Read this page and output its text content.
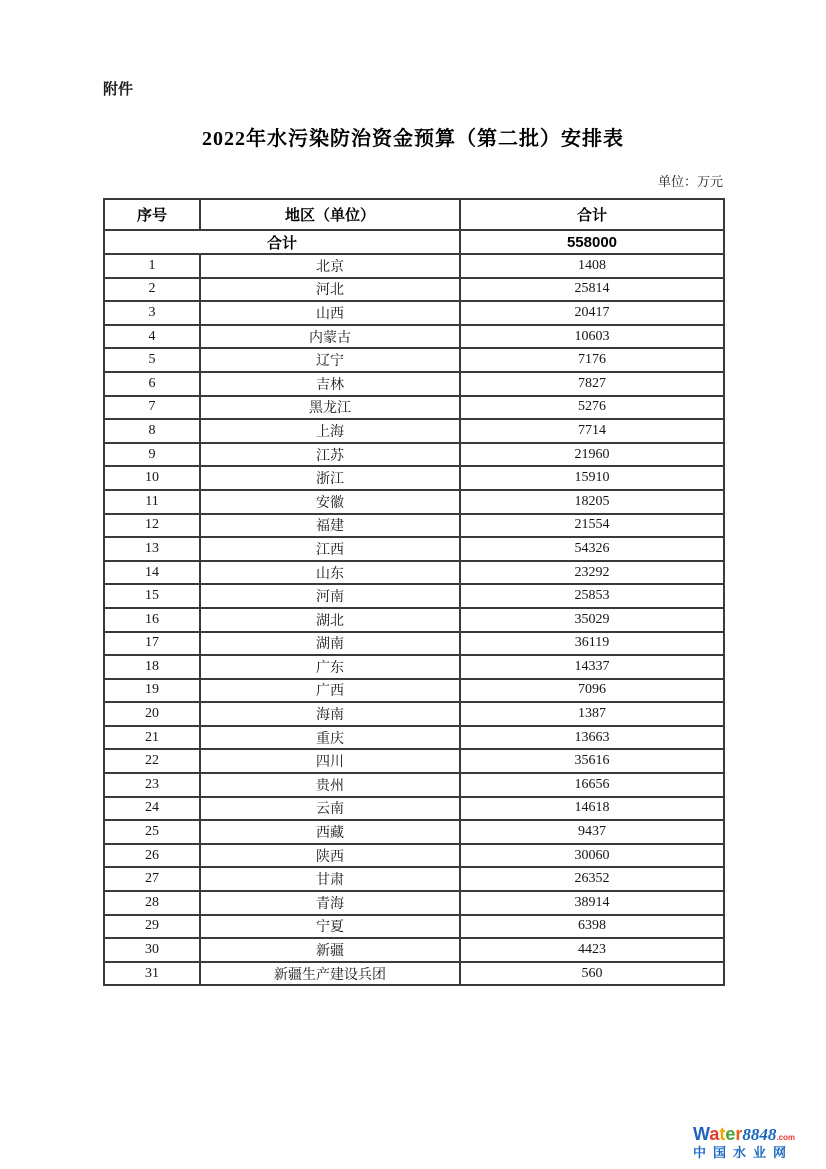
附件
2022年水污染防治资金预算（第二批）安排表
单位：万元
序号	地区（单位）	合计
合计		558000
1	北京	1408
2	河北	25814
3	山西	20417
4	内蒙古	10603
5	辽宁	7176
6	吉林	7827
7	黑龙江	5276
8	上海	7714
9	江苏	21960
10	浙江	15910
11	安徽	18205
12	福建	21554
13	江西	54326
14	山东	23292
15	河南	25853
16	湖北	35029
17	湖南	36119
18	广东	14337
19	广西	7096
20	海南	1387
21	重庆	13663
22	四川	35616
23	贵州	16656
24	云南	14618
25	西藏	9437
26	陕西	30060
27	甘肃	26352
28	青海	38914
29	宁夏	6398
30	新疆	4423
31	新疆生产建设兵团	560
Water8848.com
中国水业网
